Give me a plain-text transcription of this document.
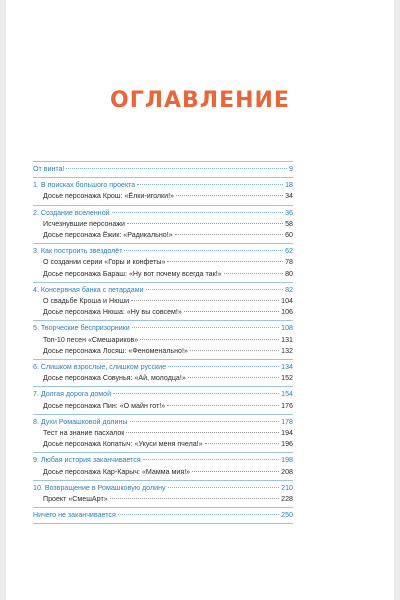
ОГЛАВЛЕНИЕ
От винта!	9
1. В поисках большого проекта	18
Досье персонажа Крош: «Ёлки-иголки!»	34
2. Создание вселенной	36
Исчезнувшие персонажи	58
Досье персонажа Ёжик: «Радикально!»	60
3. Как построить звездолёт	62
О создании серии «Горы и конфеты»	78
Досье персонажа Бараш: «Ну вот почему всегда так!»	80
4. Консервная банка с петардами	82
О свадьбе Кроша и Нюши	104
Досье персонажа Нюша: «Ну вы совсем!»	106
5. Творческие беспризорники	108
Топ-10 песен «Смешариков»	131
Досье персонажа Лосяш: «Феноменально!»	132
6. Слишком взрослые, слишком русские	134
Досье персонажа Совунья: «Ай, молодца!»	152
7. Долгая дорога домой	154
Досье персонажа Пин: «О майн гот!»	176
8. Духи Ромашковой долины	178
Тест на знание пасхалок	194
Досье персонажа Копатыч: «Укуси меня пчела!»	196
9. Любая история заканчивается	198
Досье персонажа Кар-Карыч: «Мамма мия!»	208
10. Возвращение в Ромашковую долину	210
Проект «СмешАрт»	228
Ничего не заканчивается	250
